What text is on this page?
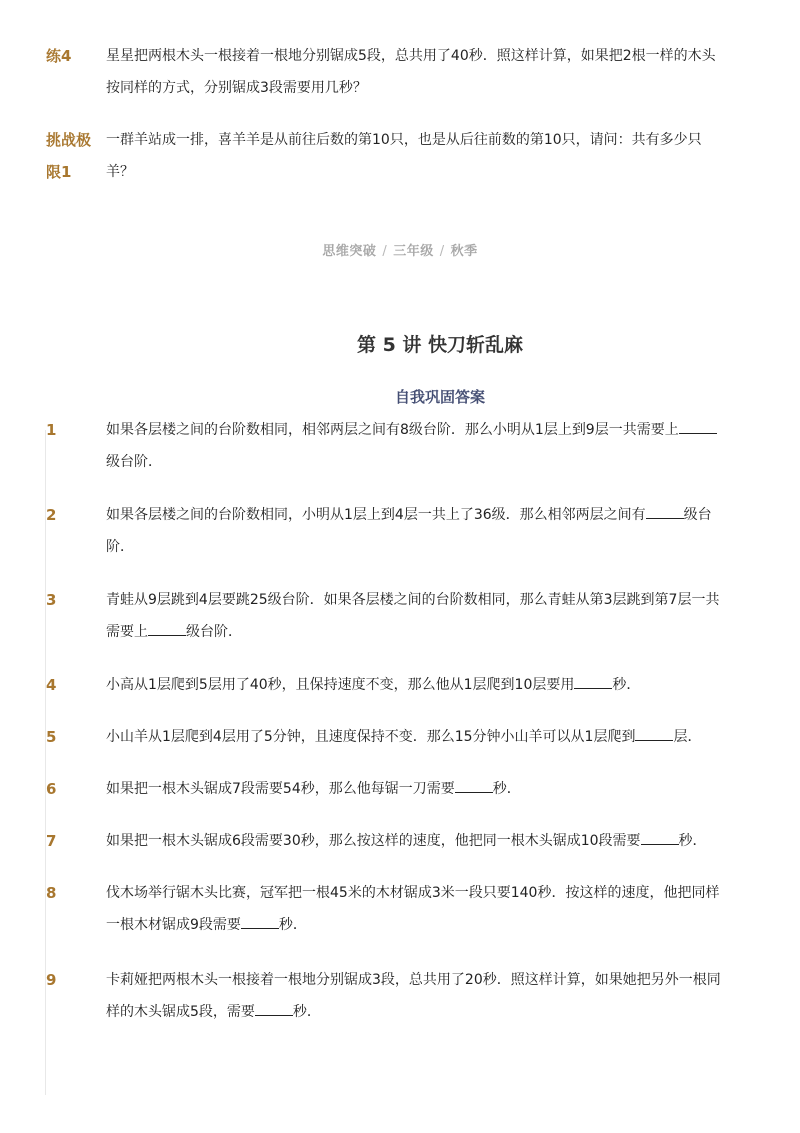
练4	星星把两根木头一根接着一根地分别锯成5段，总共用了40秒．照这样计算，如果把2根一样的木头按同样的方式，分别锯成3段需要用几秒？
挑战极
限1
一群羊站成一排，喜羊羊是从前往后数的第10只，也是从后往前数的第10只，请问：共有多少只羊？
思维突破 / 三年级 / 秋季
第 5 讲 快刀斩乱麻
自我巩固答案
1	如果各层楼之间的台阶数相同，相邻两层之间有8级台阶．那么小明从1层上到9层一共需要上级台阶．
2	如果各层楼之间的台阶数相同，小明从1层上到4层一共上了36级．那么相邻两层之间有	级台阶．
3	青蛙从9层跳到4层要跳25级台阶．如果各层楼之间的台阶数相同，那么青蛙从第3层跳到第7层一共需要上	级台阶．
4	小高从1层爬到5层用了40秒，且保持速度不变，那么他从1层爬到10层要用	秒．
5	小山羊从1层爬到4层用了5分钟，且速度保持不变．那么15分钟小山羊可以从1层爬到	层．
6	如果把一根木头锯成7段需要54秒，那么他每锯一刀需要	秒．
7	如果把一根木头锯成6段需要30秒，那么按这样的速度，他把同一根木头锯成10段需要	秒．
8	伐木场举行锯木头比赛，冠军把一根45米的木材锯成3米一段只要140秒．按这样的速度，他把同样一根木材锯成9段需要	秒．
9	卡莉娅把两根木头一根接着一根地分别锯成3段，总共用了20秒．照这样计算，如果她把另外一根同样的木头锯成5段，需要	秒．
